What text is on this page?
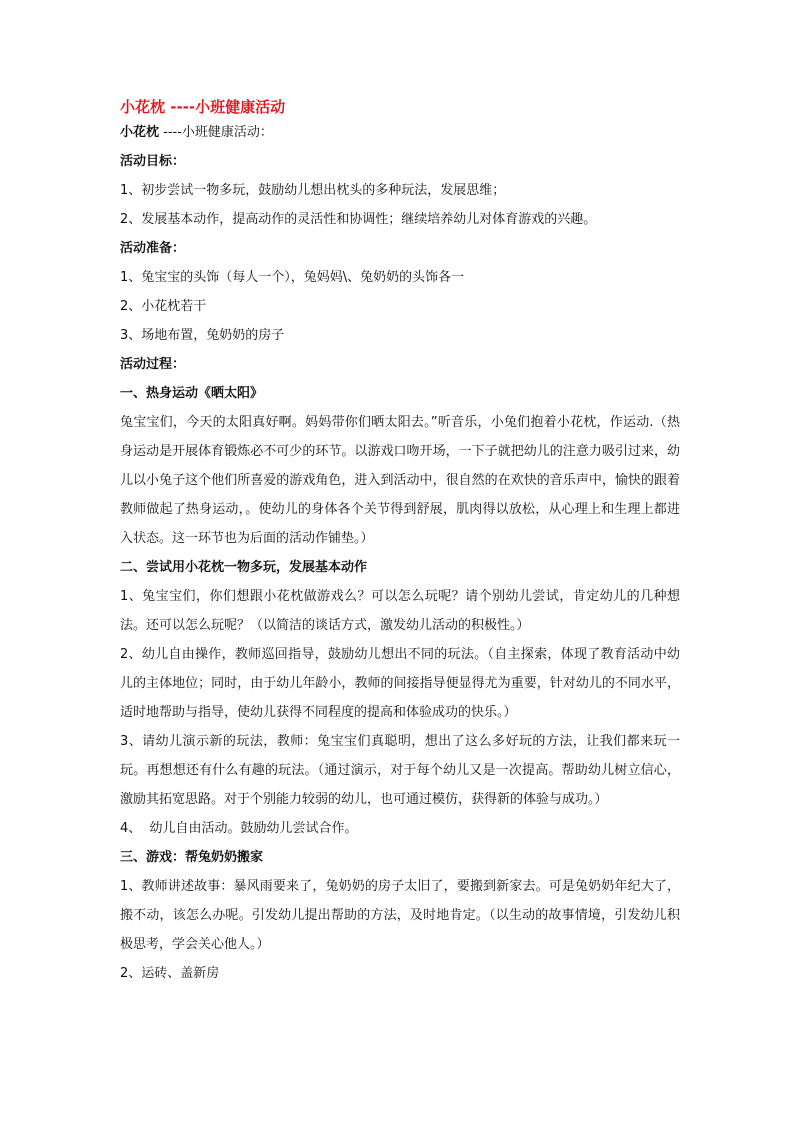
小花枕 ----小班健康活动

小花枕 ----小班健康活动：

活动目标：

1、初步尝试一物多玩，鼓励幼儿想出枕头的多种玩法，发展思维；

2、发展基本动作，提高动作的灵活性和协调性；继续培养幼儿对体育游戏的兴趣。

活动准备：

1、兔宝宝的头饰（每人一个），兔妈妈\、兔奶奶的头饰各一

2、小花枕若干

3、场地布置，兔奶奶的房子

活动过程：

一、热身运动《晒太阳》

兔宝宝们，今天的太阳真好啊。妈妈带你们晒太阳去。”听音乐，小兔们抱着小花枕，作运动.（热身运动是开展体育锻炼必不可少的环节。以游戏口吻开场，一下子就把幼儿的注意力吸引过来，幼儿以小兔子这个他们所喜爱的游戏角色，进入到活动中，很自然的在欢快的音乐声中，愉快的跟着教师做起了热身运动，。使幼儿的身体各个关节得到舒展，肌肉得以放松，从心理上和生理上都进入状态。这一环节也为后面的活动作铺垫。）

二、尝试用小花枕一物多玩，发展基本动作

1、兔宝宝们，你们想跟小花枕做游戏么？可以怎么玩呢？请个别幼儿尝试，肯定幼儿的几种想法。还可以怎么玩呢？（以简洁的谈话方式，激发幼儿活动的积极性。）

2、幼儿自由操作，教师巡回指导，鼓励幼儿想出不同的玩法。（自主探索，体现了教育活动中幼儿的主体地位；同时，由于幼儿年龄小，教师的间接指导便显得尤为重要，针对幼儿的不同水平，适时地帮助与指导，使幼儿获得不同程度的提高和体验成功的快乐。）

3、请幼儿演示新的玩法，教师：兔宝宝们真聪明，想出了这么多好玩的方法，让我们都来玩一玩。再想想还有什么有趣的玩法。（通过演示，对于每个幼儿又是一次提高。帮助幼儿树立信心，激励其拓宽思路。对于个别能力较弱的幼儿，也可通过模仿，获得新的体验与成功。）

4、  幼儿自由活动。鼓励幼儿尝试合作。

三、游戏：帮兔奶奶搬家

1、教师讲述故事：暴风雨要来了，兔奶奶的房子太旧了，要搬到新家去。可是兔奶奶年纪大了，搬不动，该怎么办呢。引发幼儿提出帮助的方法，及时地肯定。（以生动的故事情境，引发幼儿积极思考，学会关心他人。）

2、运砖、盖新房
